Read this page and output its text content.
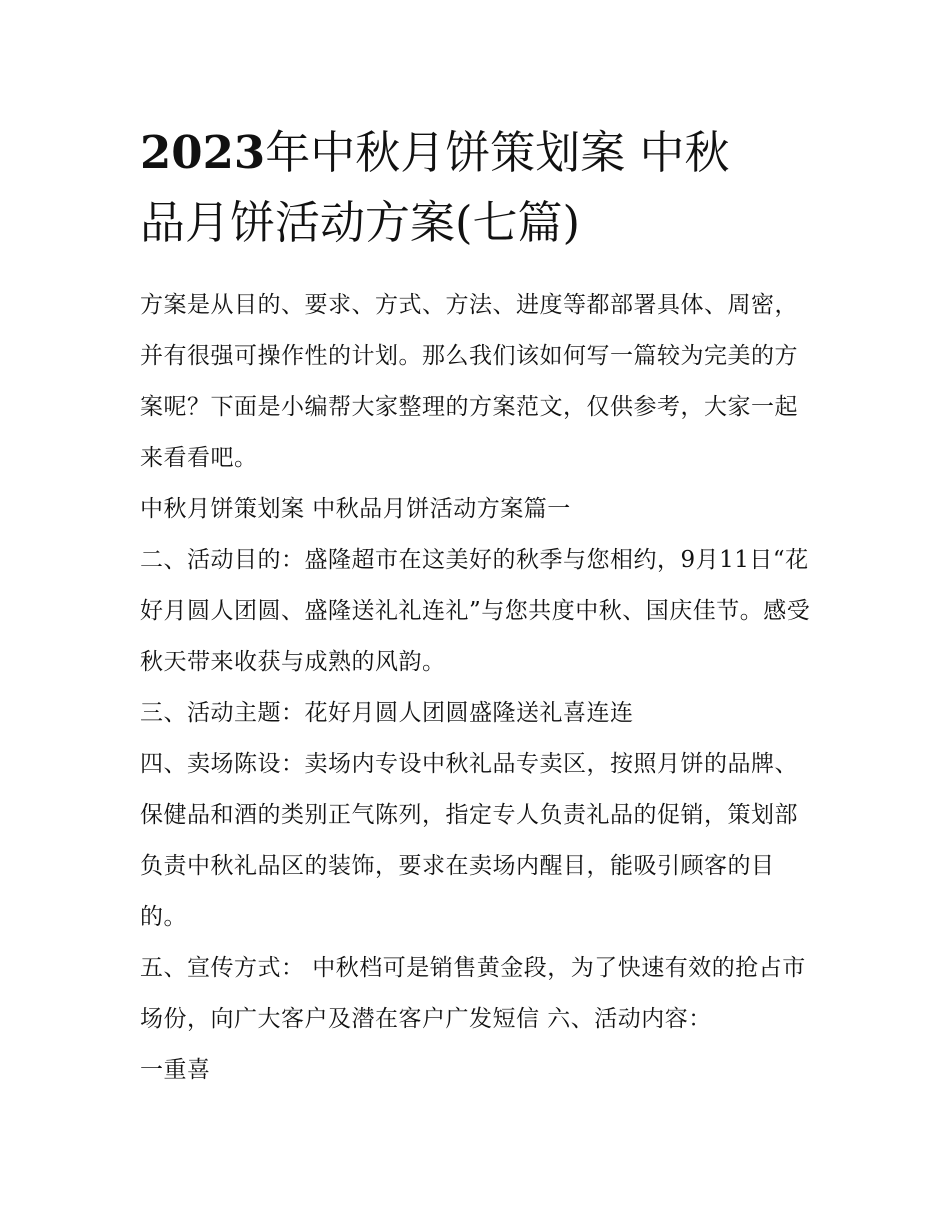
2023年中秋月饼策划案 中秋
品月饼活动方案(七篇)

方案是从目的、要求、方式、方法、进度等都部署具体、周密，并有很强可操作性的计划。那么我们该如何写一篇较为完美的方案呢？下面是小编帮大家整理的方案范文，仅供参考，大家一起来看看吧。

中秋月饼策划案 中秋品月饼活动方案篇一

二、活动目的：盛隆超市在这美好的秋季与您相约，9月11日“花好月圆人团圆、盛隆送礼礼连礼”与您共度中秋、国庆佳节。感受秋天带来收获与成熟的风韵。

三、活动主题：花好月圆人团圆盛隆送礼喜连连

四、卖场陈设：卖场内专设中秋礼品专卖区，按照月饼的品牌、保健品和酒的类别正气陈列，指定专人负责礼品的促销，策划部负责中秋礼品区的装饰，要求在卖场内醒目，能吸引顾客的目的。

五、宣传方式： 中秋档可是销售黄金段，为了快速有效的抢占市场份，向广大客户及潜在客户广发短信 六、活动内容：

一重喜
